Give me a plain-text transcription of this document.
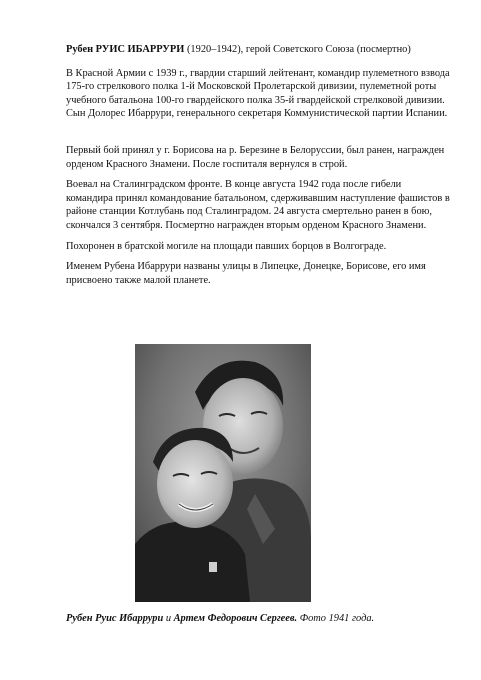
Рубен РУИС ИБАРРУРИ (1920–1942), герой Советского Союза (посмертно)

В Красной Армии с 1939 г., гвардии старший лейтенант, командир пулеметного взвода 175-го стрелкового полка 1-й Московской Пролетарской дивизии, пулеметной роты учебного батальона 100-го гвардейского полка 35-й гвардейской стрелковой дивизии. Сын Долорес Ибаррури, генерального секретаря Коммунистической партии Испании.

Первый бой принял у г. Борисова на р. Березине в Белоруссии, был ранен, награжден орденом Красного Знамени. После госпиталя вернулся в строй.

Воевал на Сталинградском фронте. В конце августа 1942 года после гибели командира принял командование батальоном, сдерживавшим наступление фашистов в районе станции Котлубань под Сталинградом. 24 августа смертельно ранен в бою, скончался 3 сентября. Посмертно награжден вторым орденом Красного Знамени.

Похоронен в братской могиле на площади павших борцов в Волгограде.

Именем Рубена Ибаррури названы улицы в Липецке, Донецке, Борисове, его имя присвоено также малой планете.

Рубен Руис Ибаррури и Артем Федорович Сергеев. Фото 1941 года.
